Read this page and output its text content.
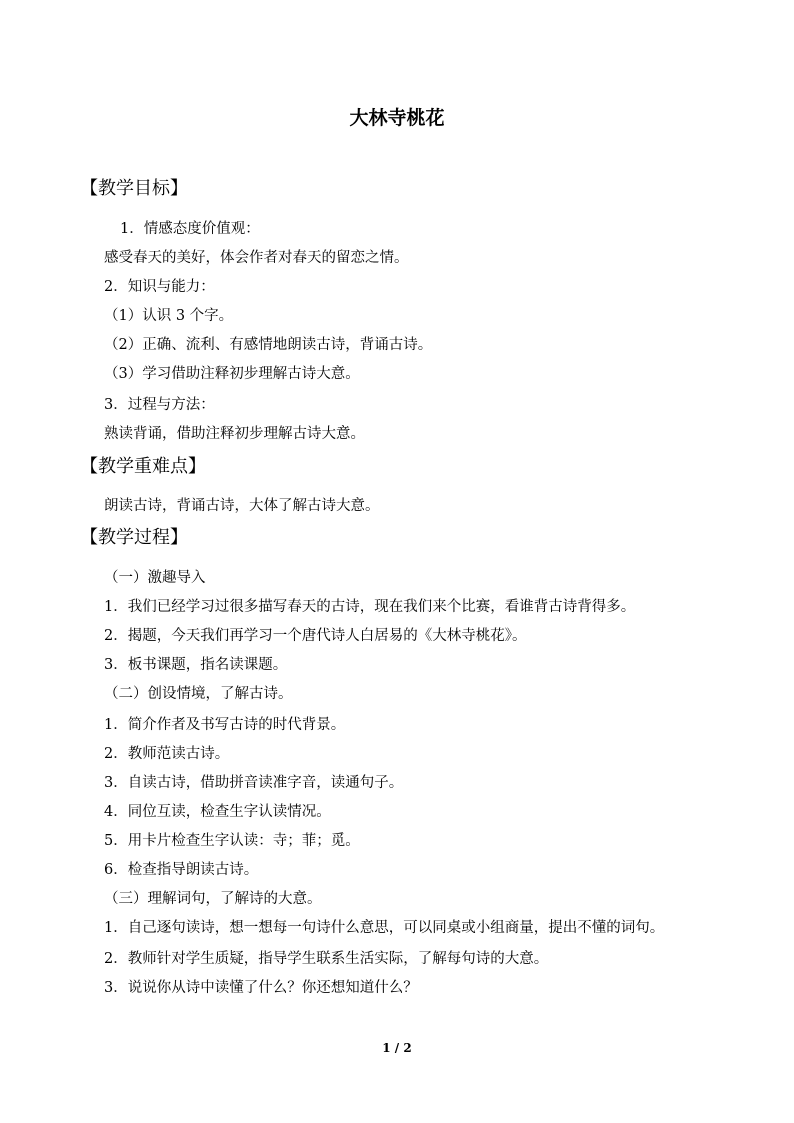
大林寺桃花
【教学目标】
1．情感态度价值观：
感受春天的美好，体会作者对春天的留恋之情。
2．知识与能力：
（1）认识 3 个字。
（2）正确、流利、有感情地朗读古诗，背诵古诗。
（3）学习借助注释初步理解古诗大意。
3．过程与方法：
熟读背诵，借助注释初步理解古诗大意。
【教学重难点】
朗读古诗，背诵古诗，大体了解古诗大意。
【教学过程】
（一）激趣导入
1．我们已经学习过很多描写春天的古诗，现在我们来个比赛，看谁背古诗背得多。
2．揭题，今天我们再学习一个唐代诗人白居易的《大林寺桃花》。
3．板书课题，指名读课题。
（二）创设情境，了解古诗。
1．简介作者及书写古诗的时代背景。
2．教师范读古诗。
3．自读古诗，借助拼音读准字音，读通句子。
4．同位互读，检查生字认读情况。
5．用卡片检查生字认读：寺；菲；觅。
6．检查指导朗读古诗。
（三）理解词句，了解诗的大意。
1．自己逐句读诗，想一想每一句诗什么意思，可以同桌或小组商量，提出不懂的词句。
2．教师针对学生质疑，指导学生联系生活实际，了解每句诗的大意。
3．说说你从诗中读懂了什么？你还想知道什么？
1 / 2
